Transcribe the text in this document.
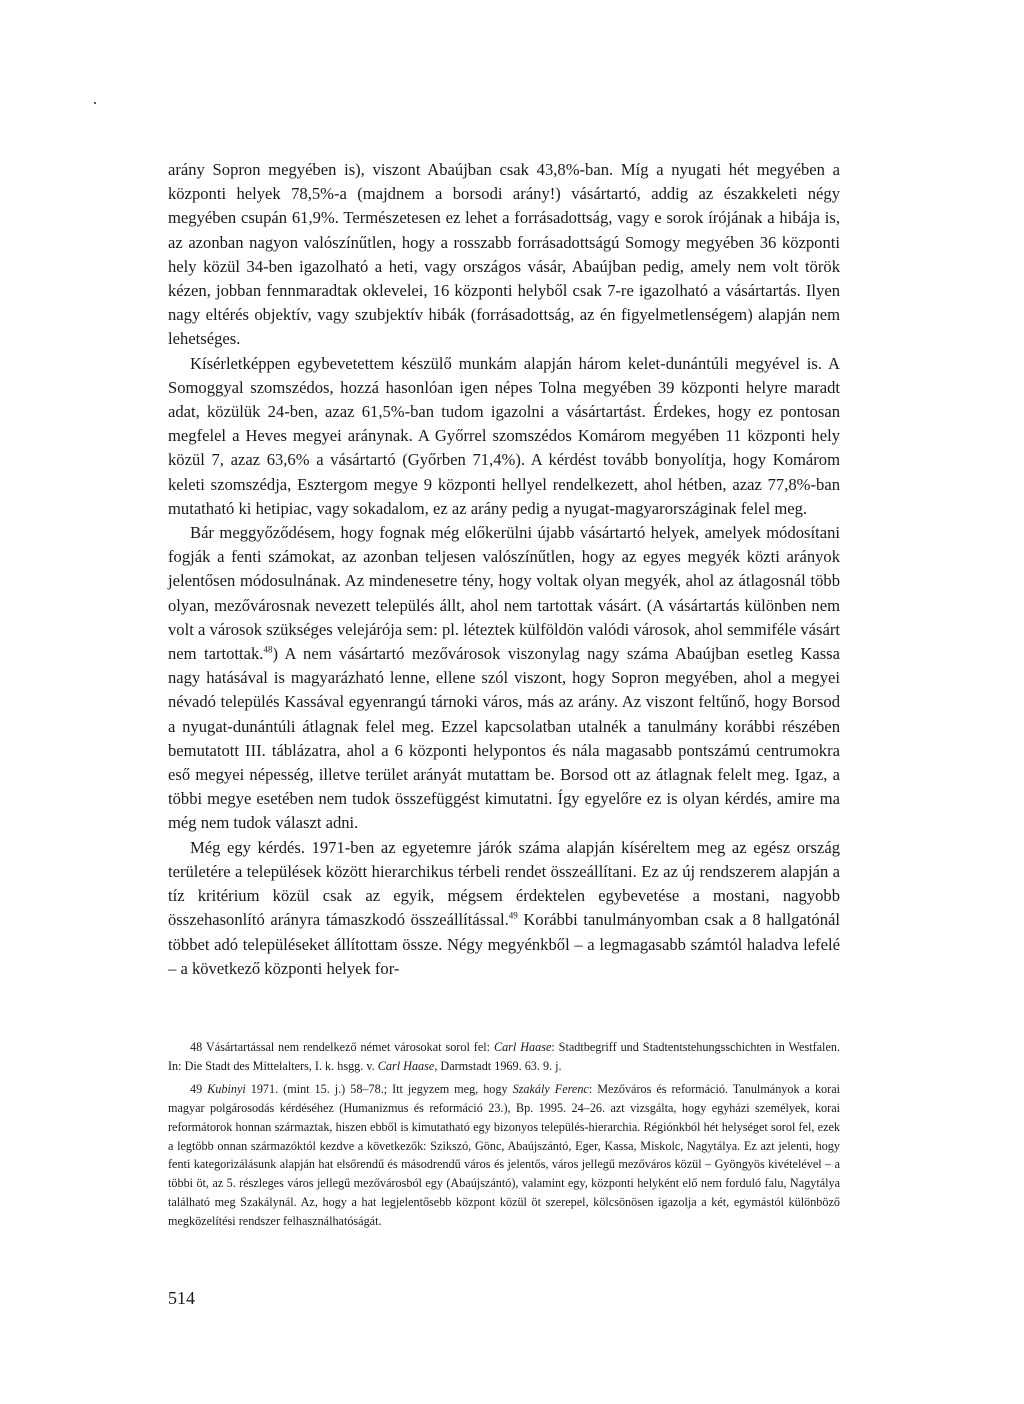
arány Sopron megyében is), viszont Abaújban csak 43,8%-ban. Míg a nyugati hét megyében a központi helyek 78,5%-a (majdnem a borsodi arány!) vásártartó, addig az északkeleti négy megyében csupán 61,9%. Természetesen ez lehet a forrásadottság, vagy e sorok írójának a hibája is, az azonban nagyon valószínűtlen, hogy a rosszabb forrásadottságú Somogy megyében 36 központi hely közül 34-ben igazolható a heti, vagy országos vásár, Abaújban pedig, amely nem volt török kézen, jobban fennmaradtak oklevelei, 16 központi helyből csak 7-re igazolható a vásártartás. Ilyen nagy eltérés objektív, vagy szubjektív hibák (forrásadottság, az én figyelmetlenségem) alapján nem lehetséges.

Kísérletképpen egybevetettem készülő munkám alapján három kelet-dunántúli megyével is. A Somoggyal szomszédos, hozzá hasonlóan igen népes Tolna megyében 39 központi helyre maradt adat, közülük 24-ben, azaz 61,5%-ban tudom igazolni a vásártartást. Érdekes, hogy ez pontosan megfelel a Heves megyei aránynak. A Győrrel szomszédos Komárom megyében 11 központi hely közül 7, azaz 63,6% a vásártartó (Győrben 71,4%). A kérdést tovább bonyolítja, hogy Komárom keleti szomszédja, Esztergom megye 9 központi hellyel rendelkezett, ahol hétben, azaz 77,8%-ban mutatható ki hetipiac, vagy sokadalom, ez az arány pedig a nyugat-magyarországinak felel meg.

Bár meggyőződésem, hogy fognak még előkerülni újabb vásártartó helyek, amelyek módosítani fogják a fenti számokat, az azonban teljesen valószínűtlen, hogy az egyes megyék közti arányok jelentősen módosulnának. Az mindenesetre tény, hogy voltak olyan megyék, ahol az átlagosnál több olyan, mezővárosnak nevezett település állt, ahol nem tartottak vásárt. (A vásártartás különben nem volt a városok szükséges velejárója sem: pl. léteztek külföldön valódi városok, ahol semmiféle vásárt nem tartottak.$^{48}$) A nem vásártartó mezővárosok viszonylag nagy száma Abaújban esetleg Kassa nagy hatásával is magyarázható lenne, ellene szól viszont, hogy Sopron megyében, ahol a megyei névadó település Kassával egyenrangú tárnoki város, más az arány. Az viszont feltűnő, hogy Borsod a nyugat-dunántúli átlagnak felel meg. Ezzel kapcsolatban utalnék a tanulmány korábbi részében bemutatott III. táblázatra, ahol a 6 központi helypontos és nála magasabb pontszámú centrumokra eső megyei népesség, illetve terület arányát mutattam be. Borsod ott az átlagnak felelt meg. Igaz, a többi megye esetében nem tudok összefüggést kimutatni. Így egyelőre ez is olyan kérdés, amire ma még nem tudok választ adni.

Még egy kérdés. 1971-ben az egyetemre járók száma alapján kíséreltem meg az egész ország területére a települések között hierarchikus térbeli rendet összeállítani. Ez az új rendszerem alapján a tíz kritérium közül csak az egyik, mégsem érdektelen egybevetése a mostani, nagyobb összehasonlító arányra támaszkodó összeállítással.$^{49}$ Korábbi tanulmányomban csak a 8 hallgatónál többet adó településeket állítottam össze. Négy megyénkből – a legmagasabb számtól haladva lefelé – a következő központi helyek for-

48 Vásártartással nem rendelkező német városokat sorol fel: Carl Haase: Stadtbegriff und Stadtentstehungsschichten in Westfalen. In: Die Stadt des Mittelalters, I. k. hsgg. v. Carl Haase, Darmstadt 1969. 63. 9. j.

49 Kubinyi 1971. (mint 15. j.) 58–78.; Itt jegyzem meg, hogy Szakály Ferenc: Mezőváros és reformáció. Tanulmányok a korai magyar polgárosodás kérdéséhez (Humanizmus és reformáció 23.), Bp. 1995. 24–26. azt vizsgálta, hogy egyházi személyek, korai reformátorok honnan származtak, hiszen ebből is kimutatható egy bizonyos település-hierarchia. Régiónkból hét helységet sorol fel, ezek a legtöbb onnan származóktól kezdve a következők: Szikszó, Gönc, Abaújszántó, Eger, Kassa, Miskolc, Nagytálya. Ez azt jelenti, hogy fenti kategorizálásunk alapján hat elsőrendű és másodrendű város és jelentős, város jellegű mezőváros közül – Gyöngyös kivételével – a többi öt, az 5. részleges város jellegű mezővárosból egy (Abaújszántó), valamint egy, központi helyként elő nem forduló falu, Nagytálya található meg Szakálynál. Az, hogy a hat legjelentősebb központ közül öt szerepel, kölcsönösen igazolja a két, egymástól különböző megközelítési rendszer felhasználhatóságát.

514
